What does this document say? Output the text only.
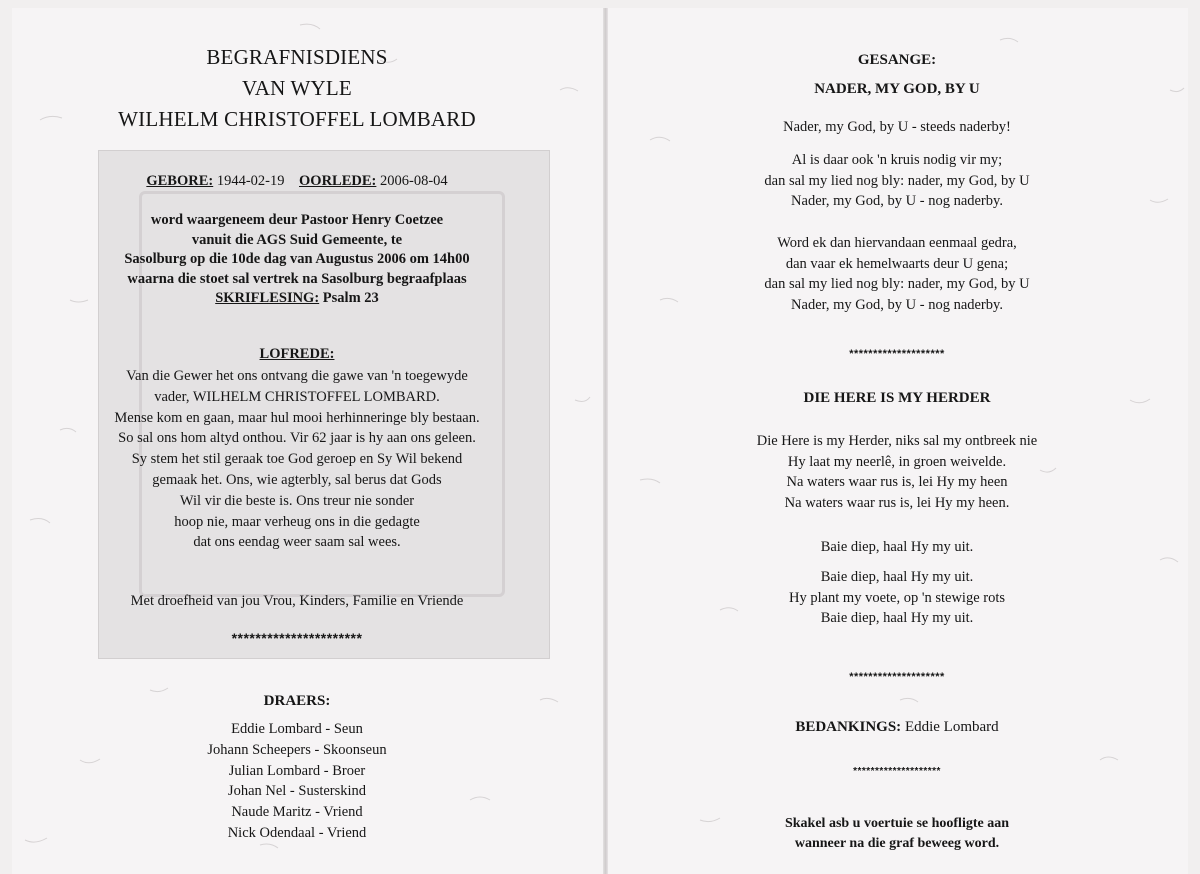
BEGRAFNISDIENS
VAN WYLE
WILHELM CHRISTOFFEL LOMBARD
GEBORE: 1944-02-19 OORLEDE: 2006-08-04
word waargeneem deur Pastoor Henry Coetzee
vanuit die AGS Suid Gemeente, te
Sasolburg op die 10de dag van Augustus 2006 om 14h00
waarna die stoet sal vertrek na Sasolburg begraafplaas
SKRIFLESING: Psalm 23
LOFREDE:
Van die Gewer het ons ontvang die gawe van 'n toegewyde
vader, WILHELM CHRISTOFFEL LOMBARD.
Mense kom en gaan, maar hul mooi herhinneringe bly bestaan.
So sal ons hom altyd onthou. Vir 62 jaar is hy aan ons geleen.
Sy stem het stil geraak toe God geroep en Sy Wil bekend
gemaak het. Ons, wie agterbly, sal berus dat Gods
Wil vir die beste is. Ons treur nie sonder
hoop nie, maar verheug ons in die gedagte
dat ons eendag weer saam sal wees.
Met droefheid van jou Vrou, Kinders, Familie en Vriende
**********************
DRAERS:
Eddie Lombard - Seun
Johann Scheepers - Skoonseun
Julian Lombard - Broer
Johan Nel - Susterskind
Naude Maritz - Vriend
Nick Odendaal - Vriend
GESANGE:
NADER, MY GOD, BY U
Nader, my God, by U - steeds naderby!
Al is daar ook 'n kruis nodig vir my;
dan sal my lied nog bly: nader, my God, by U
Nader, my God, by U - nog naderby.
Word ek dan hiervandaan eenmaal gedra,
dan vaar ek hemelwaarts deur U gena;
dan sal my lied nog bly: nader, my God, by U
Nader, my God, by U - nog naderby.
********************
DIE HERE IS MY HERDER
Die Here is my Herder, niks sal my ontbreek nie
Hy laat my neerlê, in groen weivelde.
Na waters waar rus is, lei Hy my heen
Na waters waar rus is, lei Hy my heen.
Baie diep, haal Hy my uit.
Baie diep, haal Hy my uit.
Hy plant my voete, op 'n stewige rots
Baie diep, haal Hy my uit.
********************
BEDANKINGS: Eddie Lombard
********************
Skakel asb u voertuie se hoofligte aan
wanneer na die graf beweeg word.
